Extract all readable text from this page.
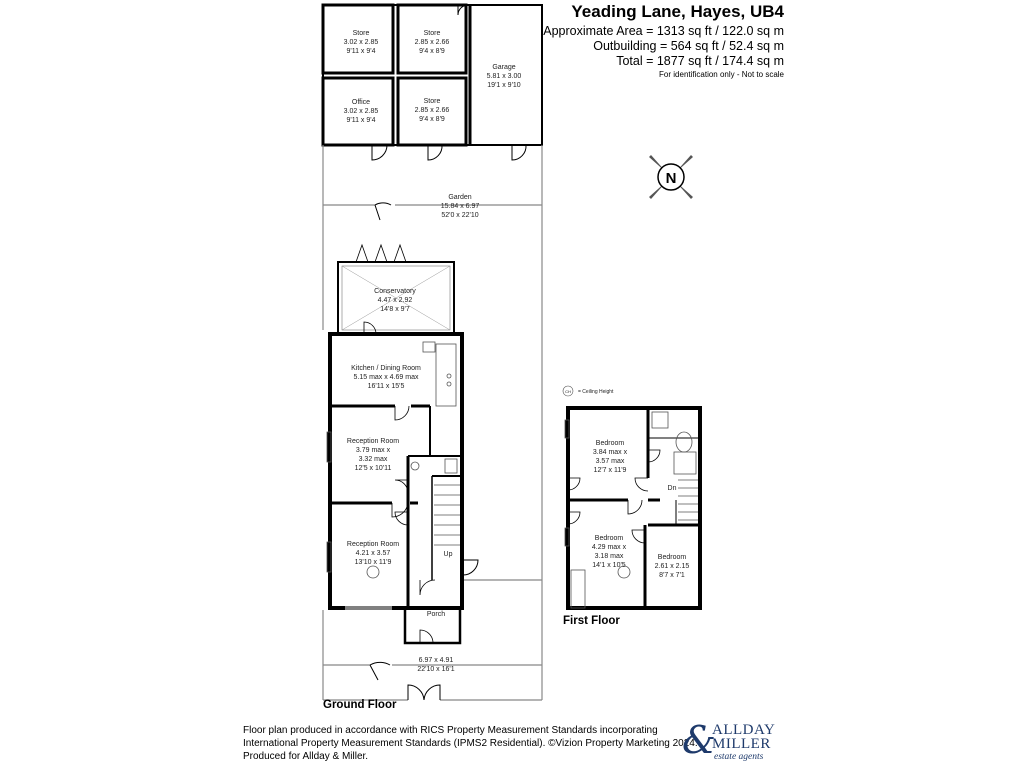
Store
3.02 x 2.85
9'11 x 9'4
Store
2.85 x 2.66
9'4 x 8'9
Office
3.02 x 2.85
9'11 x 9'4
Store
2.85 x 2.66
9'4 x 8'9
Garage
5.81 x 3.00
19'1 x 9'10
Garden
15.84 x 6.97
52'0 x 22'10
Conservatory
4.47 x 2.92
14'8 x 9'7
Kitchen / Dining Room
5.15 max x 4.69 max
16'11 x 15'5
Reception Room
3.79 max x
3.32 max
12'5 x 10'11
Reception Room
4.21 x 3.57
13'10 x 11'9
Porch
Up
6.97 x 4.91
22'10 x 16'1
Bedroom
3.84 max x
3.57 max
12'7 x 11'9
Bedroom
4.29 max x
3.18 max
14'1 x 10'5
Bedroom
2.61 x 2.15
8'7 x 7'1
Dn
CH = Ceiling Height
N
Yeading Lane, Hayes, UB4
Approximate Area = 1313 sq ft / 122.0 sq m
Outbuilding = 564 sq ft / 52.4 sq m
Total = 1877 sq ft / 174.4 sq m
For identification only - Not to scale
Ground Floor
First Floor
Floor plan produced in accordance with RICS Property Measurement Standards incorporating
International Property Measurement Standards (IPMS2 Residential). ©Vizion Property Marketing 2024.
Produced for Allday & Miller.	&
ALLDAY
MILLER
estate agents
